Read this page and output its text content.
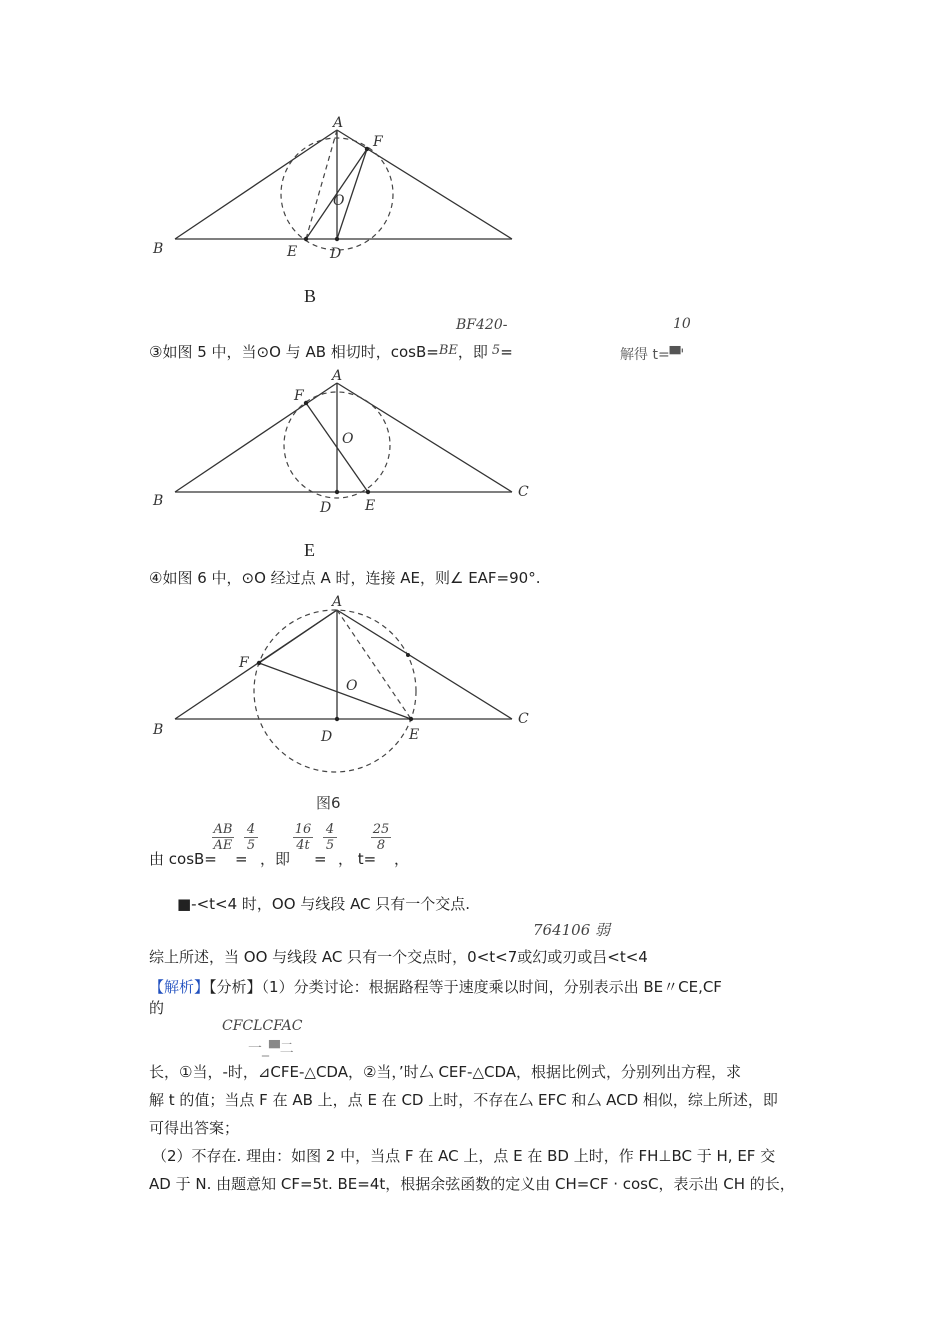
A
F
O
B	E D
B
BF420-	10
③如图 5 中，当⊙O 与 AB 相切时，cosB=BE，即 5=	解得 t=▀'
A
F
O
B
C
D E
E
④如图 6 中，⊙O 经过点 A 时，连接 AE，则∠ EAF=90°.
A
F
O
B
C
D	E
图6
由 cosB=
$\frac{AB}{AE}$
=
$\frac{4}{5}$
，即
$\frac{16}{4t}$
=
$\frac{4}{5}$
， t=
$\frac{25}{8}$
，
■-<t<4 时，OO 与线段 AC 只有一个交点.
764106 弱
综上所述，当 OO 与线段 AC 只有一个交点时，0<t<7或幻或刃或吕<t<4
【解析】【分析】（1）分类讨论：根据路程等于速度乘以时间，分别表示出 BE〃CE,CF
的
CFCLCFAC
一_▀二
长，①当，-时，⊿CFE-△CDA，②当，’时厶 CEF-△CDA，根据比例式，分别列出方程，求
解 t 的值；当点 F 在 AB 上，点 E 在 CD 上时，不存在厶 EFC 和厶 ACD 相似，综上所述，即
可得出答案；
（2）不存在. 理由：如图 2 中，当点 F 在 AC 上，点 E 在 BD 上时，作 FH⊥BC 于 H, EF 交
AD 于 N. 由题意知 CF=5t. BE=4t，根据余弦函数的定义由 CH=CF · cosC，表示出 CH 的长，
